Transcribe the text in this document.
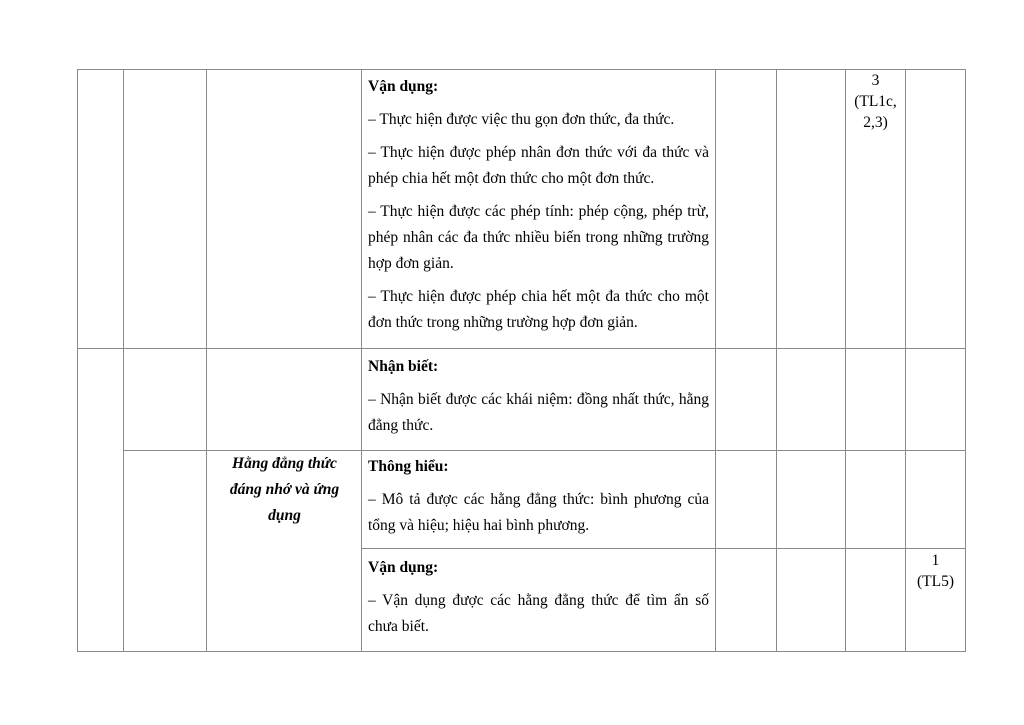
Vận dụng:

– Thực hiện được việc thu gọn đơn thức, đa thức.

– Thực hiện được phép nhân đơn thức với đa thức và phép chia hết một đơn thức cho một đơn thức.

– Thực hiện được các phép tính: phép cộng, phép trừ, phép nhân các đa thức nhiều biến trong những trường hợp đơn giản.

– Thực hiện được phép chia hết một đa thức cho một đơn thức trong những trường hợp đơn giản.

3
(TL1c,
2,3)
Hằng đẳng thức
đáng nhớ và ứng
dụng
Nhận biết:

– Nhận biết được các khái niệm: đồng nhất thức, hằng đẳng thức.

Thông hiểu:

– Mô tả được các hằng đẳng thức: bình phương của tổng và hiệu; hiệu hai bình phương.

Vận dụng:

– Vận dụng được các hằng đẳng thức để tìm ẩn số chưa biết.

1
(TL5)
